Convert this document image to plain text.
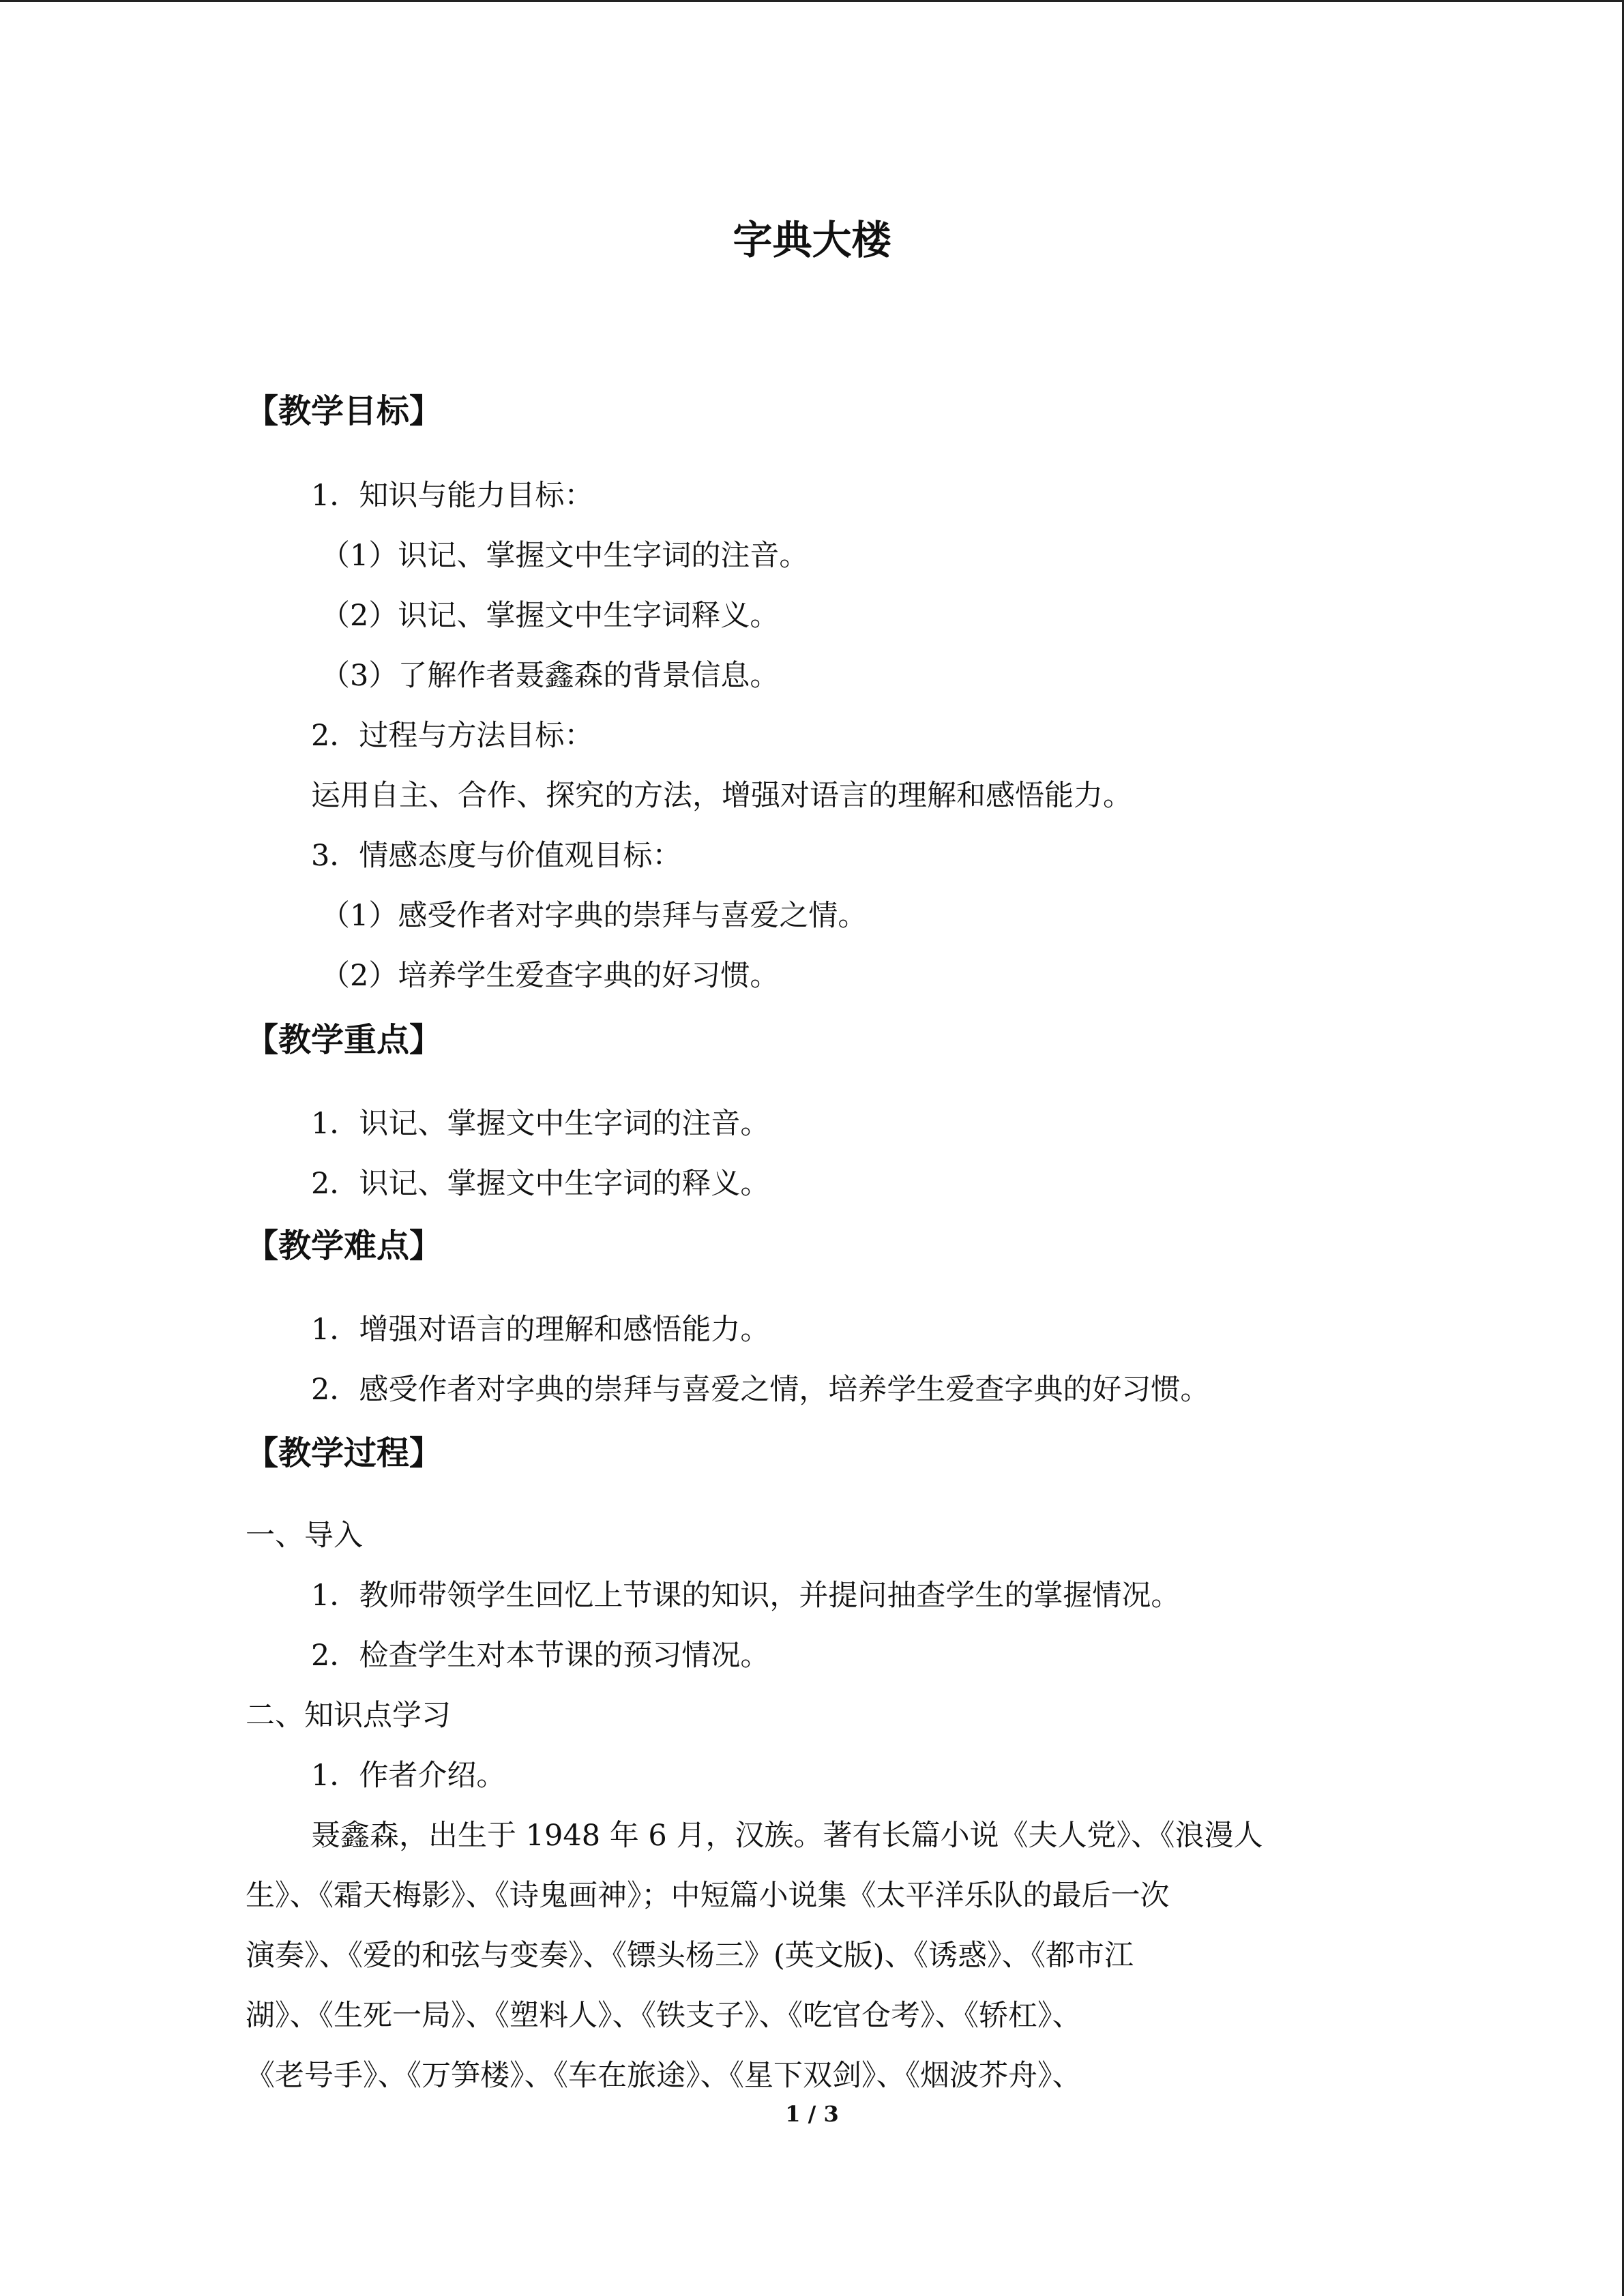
字典大楼
【教学目标】
1．知识与能力目标：
（1）识记、掌握文中生字词的注音。
（2）识记、掌握文中生字词释义。
（3）了解作者聂鑫森的背景信息。
2．过程与方法目标：
运用自主、合作、探究的方法，增强对语言的理解和感悟能力。
3．情感态度与价值观目标：
（1）感受作者对字典的崇拜与喜爱之情。
（2）培养学生爱查字典的好习惯。
【教学重点】
1．识记、掌握文中生字词的注音。
2．识记、掌握文中生字词的释义。
【教学难点】
1．增强对语言的理解和感悟能力。
2．感受作者对字典的崇拜与喜爱之情，培养学生爱查字典的好习惯。
【教学过程】
一、导入
1．教师带领学生回忆上节课的知识，并提问抽查学生的掌握情况。
2．检查学生对本节课的预习情况。
二、知识点学习
1．作者介绍。
聂鑫森，出生于 1948 年 6 月，汉族。著有长篇小说《夫人党》、《浪漫人
生》、《霜天梅影》、《诗鬼画神》；中短篇小说集《太平洋乐队的最后一次
演奏》、《爱的和弦与变奏》、《镖头杨三》(英文版)、《诱惑》、《都市江
湖》、《生死一局》、《塑料人》、《铁支子》、《吃官仓考》、《轿杠》、
《老号手》、《万笋楼》、《车在旅途》、《星下双剑》、《烟波芥舟》、
1 / 3
